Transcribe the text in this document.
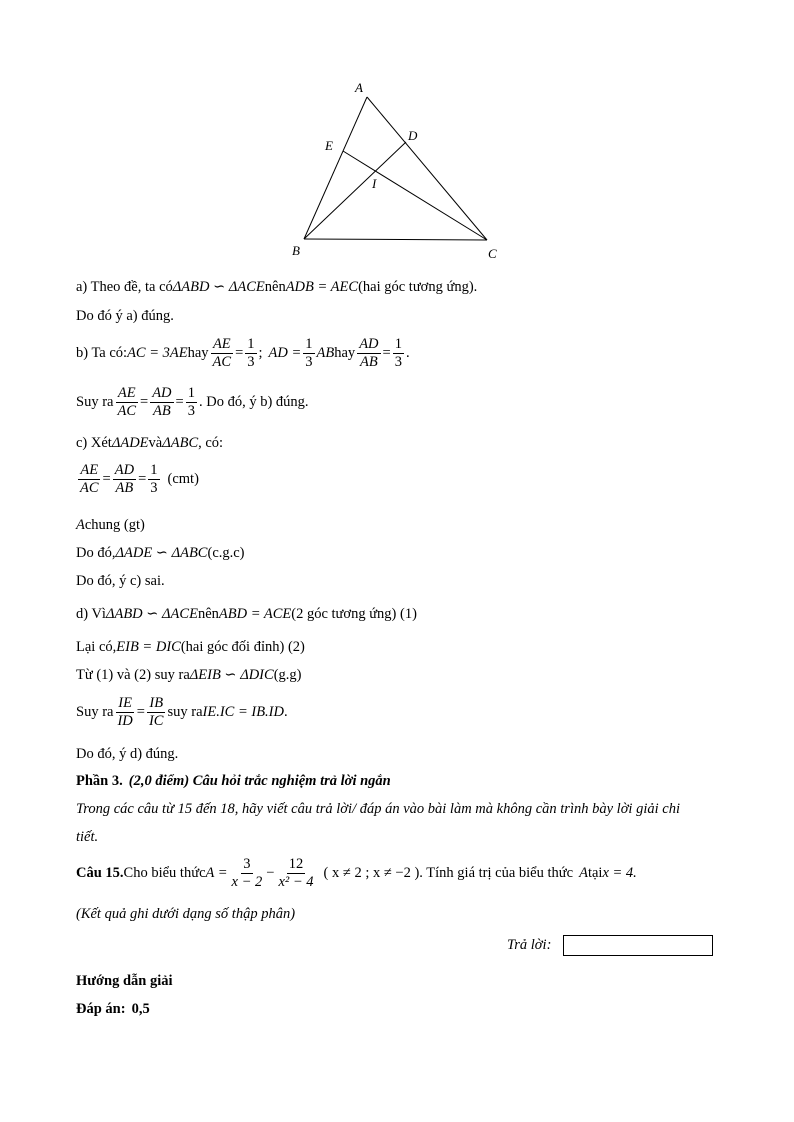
A
B	C
D
E
I
a) Theo đề, ta có ΔABD ∽ ΔACE nên ADB = AEC (hai góc tương ứng).
Do đó ý a) đúng.
b) Ta có: AC = 3AE hay $\frac{AE}{AC} = \frac{1}{3}$ ; AD = $\frac{1}{3}$ AB hay $\frac{AD}{AB} = \frac{1}{3}$ .
Suy ra $\frac{AE}{AC} = \frac{AD}{AB} = \frac{1}{3}$ . Do đó, ý b) đúng.
c) Xét ΔADE và ΔABC , có:
$\frac{AE}{AC} = \frac{AD}{AB} = \frac{1}{3} (cmt)$
A chung (gt)
Do đó, ΔADE ∽ ΔABC (c.g.c)
Do đó, ý c) sai.
d) Vì ΔABD ∽ ΔACE nên ABD = ACE (2 góc tương ứng) (1)
Lại có, EIB = DIC (hai góc đối đỉnh) (2)
Từ (1) và (2) suy ra ΔEIB ∽ ΔDIC (g.g)
Suy ra $\frac{IE}{ID} = \frac{IB}{IC}$ suy ra IE.IC = IB.ID .
Do đó, ý d) đúng.
Phần 3. (2,0 điểm) Câu hỏi trắc nghiệm trả lời ngắn
Trong các câu từ 15 đến 18, hãy viết câu trả lời/ đáp án vào bài làm mà không cần trình bày lời giải chi
tiết.
Câu 15. Cho biểu thức $A = \frac{3}{x - 2} - \frac{12}{\text{x² − 4}}$ ( x ≠ 2 ; x ≠ −2 ). Tính giá trị của biểu thức A tại x = 4.
(Kết quả ghi dưới dạng số thập phân)
Trả lời:
Hướng dẫn giải
Đáp án: 0,5
